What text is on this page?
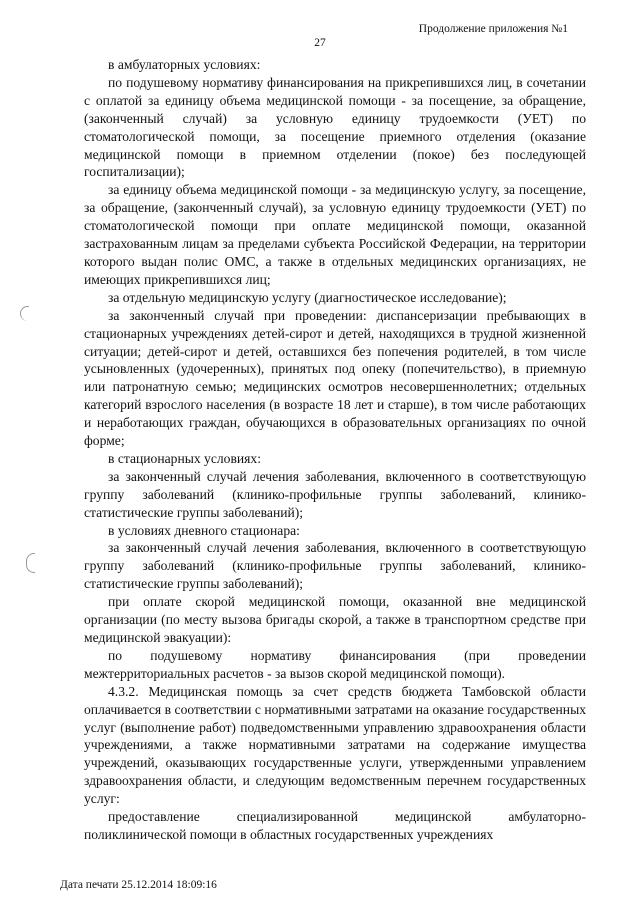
Продолжение приложения №1
27

в амбулаторных условиях:

по подушевому нормативу финансирования на прикрепившихся лиц, в сочетании с оплатой за единицу объема медицинской помощи - за посещение, за обращение, (законченный случай) за условную единицу трудоемкости (УЕТ) по стоматологической помощи, за посещение приемного отделения (оказание медицинской помощи в приемном отделении (покое) без последующей госпитализации);

за единицу объема медицинской помощи - за медицинскую услугу, за посещение, за обращение, (законченный случай), за условную единицу трудоемкости (УЕТ) по стоматологической помощи при оплате медицинской помощи, оказанной застрахованным лицам за пределами субъекта Российской Федерации, на территории которого выдан полис ОМС, а также в отдельных медицинских организациях, не имеющих прикрепившихся лиц;

за отдельную медицинскую услугу (диагностическое исследование);

за законченный случай при проведении: диспансеризации пребывающих в стационарных учреждениях детей-сирот и детей, находящихся в трудной жизненной ситуации; детей-сирот и детей, оставшихся без попечения родителей, в том числе усыновленных (удочеренных), принятых под опеку (попечительство), в приемную или патронатную семью; медицинских осмотров несовершеннолетних; отдельных категорий взрослого населения (в возрасте 18 лет и старше), в том числе работающих и неработающих граждан, обучающихся в образовательных организациях по очной форме;

в стационарных условиях:

за законченный случай лечения заболевания, включенного в соответствующую группу заболеваний (клинико-профильные группы заболеваний, клинико-статистические группы заболеваний);

в условиях дневного стационара:

за законченный случай лечения заболевания, включенного в соответствующую группу заболеваний (клинико-профильные группы заболеваний, клинико-статистические группы заболеваний);

при оплате скорой медицинской помощи, оказанной вне медицинской организации (по месту вызова бригады скорой, а также в транспортном средстве при медицинской эвакуации):

по подушевому нормативу финансирования (при проведении межтерриториальных расчетов - за вызов скорой медицинской помощи).

4.3.2. Медицинская помощь за счет средств бюджета Тамбовской области оплачивается в соответствии с нормативными затратами на оказание государственных услуг (выполнение работ) подведомственными управлению здравоохранения области учреждениями, а также нормативными затратами на содержание имущества учреждений, оказывающих государственные услуги, утвержденными управлением здравоохранения области, и следующим ведомственным перечнем государственных услуг:

предоставление специализированной медицинской амбулаторно-поликлинической помощи в областных государственных учреждениях

Дата печати 25.12.2014 18:09:16
